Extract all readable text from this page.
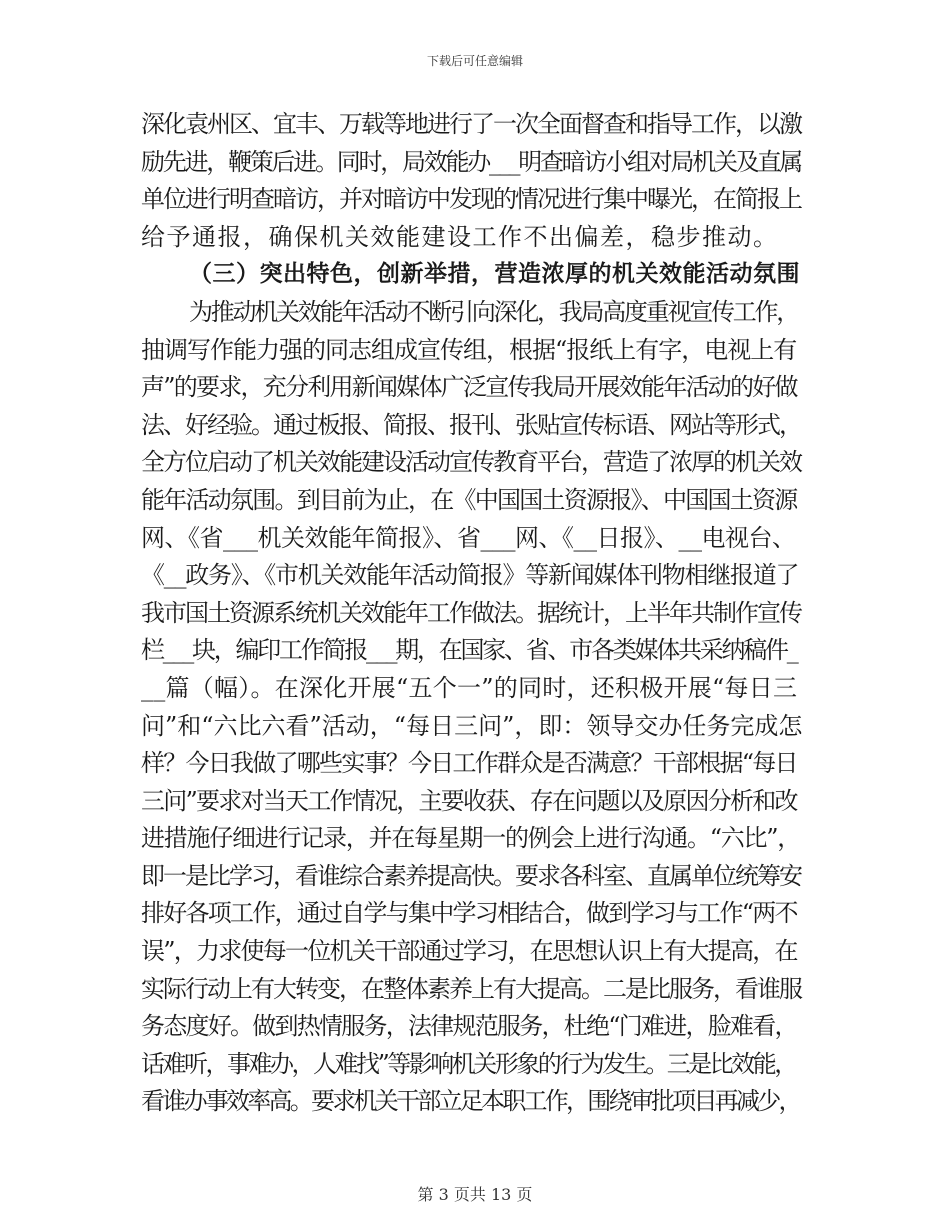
下载后可任意编辑
深化袁州区、宜丰、万载等地进行了一次全面督查和指导工作，以激
励先进，鞭策后进。同时，局效能办___明查暗访小组对局机关及直属
单位进行明查暗访，并对暗访中发现的情况进行集中曝光，在简报上
给予通报，确保机关效能建设工作不出偏差，稳步推动。
（三）突出特色，创新举措，营造浓厚的机关效能活动氛围
为推动机关效能年活动不断引向深化，我局高度重视宣传工作，
抽调写作能力强的同志组成宣传组，根据“报纸上有字，电视上有
声”的要求，充分利用新闻媒体广泛宣传我局开展效能年活动的好做
法、好经验。通过板报、简报、报刊、张贴宣传标语、网站等形式，
全方位启动了机关效能建设活动宣传教育平台，营造了浓厚的机关效
能年活动氛围。到目前为止，在《中国国土资源报》、中国国土资源
网、《省___机关效能年简报》、省___网、《__日报》、__电视台、
《__政务》、《市机关效能年活动简报》等新闻媒体刊物相继报道了
我市国土资源系统机关效能年工作做法。据统计，上半年共制作宣传
栏___块，编印工作简报___期，在国家、省、市各类媒体共采纳稿件_
__篇（幅）。在深化开展“五个一”的同时，还积极开展“每日三
问”和“六比六看”活动，“每日三问”，即：领导交办任务完成怎
样？今日我做了哪些实事？今日工作群众是否满意？干部根据“每日
三问”要求对当天工作情况，主要收获、存在问题以及原因分析和改
进措施仔细进行记录，并在每星期一的例会上进行沟通。“六比”，
即一是比学习，看谁综合素养提高快。要求各科室、直属单位统筹安
排好各项工作，通过自学与集中学习相结合，做到学习与工作“两不
误”，力求使每一位机关干部通过学习，在思想认识上有大提高，在
实际行动上有大转变，在整体素养上有大提高。二是比服务，看谁服
务态度好。做到热情服务，法律规范服务，杜绝“门难进，脸难看，
话难听，事难办，人难找”等影响机关形象的行为发生。三是比效能，
看谁办事效率高。要求机关干部立足本职工作，围绕审批项目再减少，
第 3 页共 13 页
